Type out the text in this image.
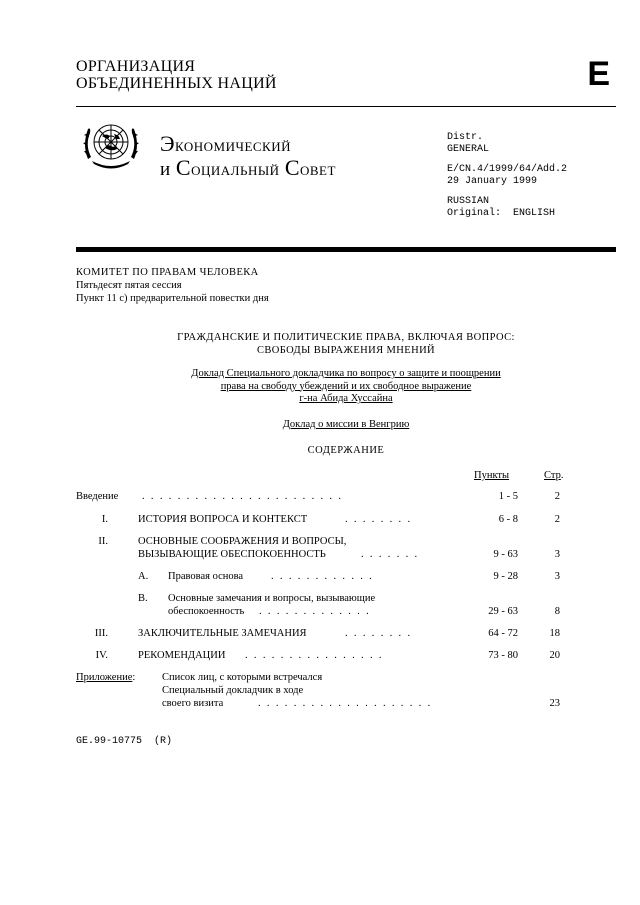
ОРГАНИЗАЦИЯ
ОБЪЕДИНЕННЫХ НАЦИЙ	E
Экономический
и Социальный Совет
Distr.
GENERAL
E/CN.4/1999/64/Add.2
29 January 1999
RUSSIAN
Original:  ENGLISH
КОМИТЕТ ПО ПРАВАМ ЧЕЛОВЕКА
Пятьдесят пятая сессия
Пункт 11 с) предварительной повестки дня
ГРАЖДАНСКИЕ И ПОЛИТИЧЕСКИЕ ПРАВА, ВКЛЮЧАЯ ВОПРОС:
СВОБОДЫ ВЫРАЖЕНИЯ МНЕНИЙ
Доклад Специального докладчика по вопросу о защите и поощрении
права на свободу убеждений и их свободное выражение
г-на Абида Хуссайна
Доклад о миссии в Венгрию
СОДЕРЖАНИЕ
Пункты	Стр.
Введение .......................	1 - 5	2
I.	ИСТОРИЯ ВОПРОСА И КОНТЕКСТ	........	6 - 8	2
II.	ОСНОВНЫЕ СООБРАЖЕНИЯ И ВОПРОСЫ,
ВЫЗЫВАЮЩИЕ ОБЕСПОКОЕННОСТЬ	.......	9 - 63	3
A. Правовая основа	............	9 - 28	3
B. Основные замечания и вопросы, вызывающие
обеспокоенность	.............	29 - 63	8
III.	ЗАКЛЮЧИТЕЛЬНЫЕ ЗАМЕЧАНИЯ	........	64 - 72	18
IV.	РЕКОМЕНДАЦИИ ................	73 - 80	20
Приложение:	Список лиц, с которыми встречался
Специальный докладчик в ходе
своего визита	....................	23
GE.99-10775  (R)
